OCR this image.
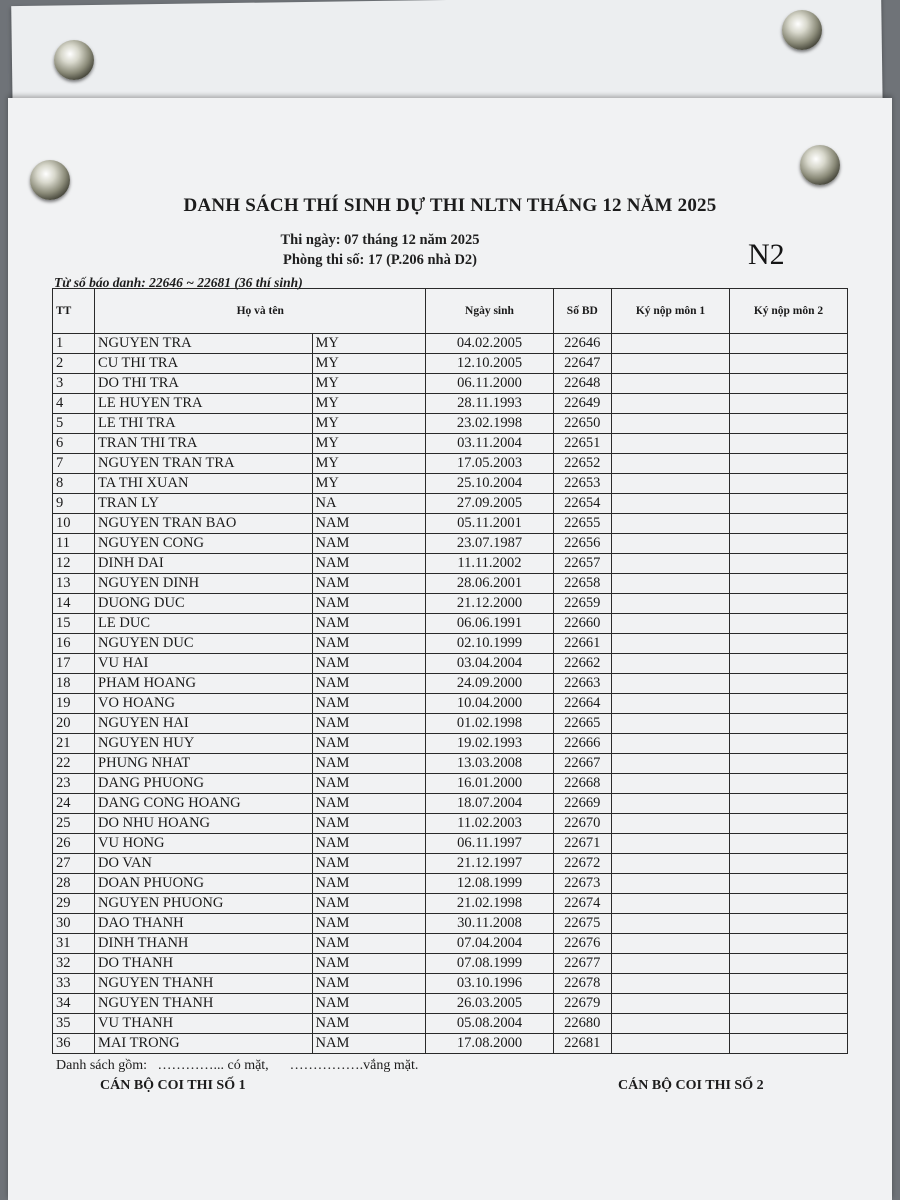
DANH SÁCH THÍ SINH DỰ THI NLTN THÁNG 12 NĂM 2025
Thi ngày: 07 tháng 12 năm 2025
Phòng thi số: 17 (P.206 nhà D2)	N2
Từ số báo danh: 22646 ~ 22681 (36 thí sinh)
TT	Họ và tên		Ngày sinh	Số BD	Ký nộp môn 1	Ký nộp môn 2
1	NGUYEN TRA	MY	04.02.2005	22646		
2	CU THI TRA	MY	12.10.2005	22647		
3	DO THI TRA	MY	06.11.2000	22648		
4	LE HUYEN TRA	MY	28.11.1993	22649		
5	LE THI TRA	MY	23.02.1998	22650		
6	TRAN THI TRA	MY	03.11.2004	22651		
7	NGUYEN TRAN TRA	MY	17.05.2003	22652		
8	TA THI XUAN	MY	25.10.2004	22653		
9	TRAN LY	NA	27.09.2005	22654		
10	NGUYEN TRAN BAO	NAM	05.11.2001	22655		
11	NGUYEN CONG	NAM	23.07.1987	22656		
12	DINH DAI	NAM	11.11.2002	22657		
13	NGUYEN DINH	NAM	28.06.2001	22658		
14	DUONG DUC	NAM	21.12.2000	22659		
15	LE DUC	NAM	06.06.1991	22660		
16	NGUYEN DUC	NAM	02.10.1999	22661		
17	VU HAI	NAM	03.04.2004	22662		
18	PHAM HOANG	NAM	24.09.2000	22663		
19	VO HOANG	NAM	10.04.2000	22664		
20	NGUYEN HAI	NAM	01.02.1998	22665		
21	NGUYEN HUY	NAM	19.02.1993	22666		
22	PHUNG NHAT	NAM	13.03.2008	22667		
23	DANG PHUONG	NAM	16.01.2000	22668		
24	DANG CONG HOANG	NAM	18.07.2004	22669		
25	DO NHU HOANG	NAM	11.02.2003	22670		
26	VU HONG	NAM	06.11.1997	22671		
27	DO VAN	NAM	21.12.1997	22672		
28	DOAN PHUONG	NAM	12.08.1999	22673		
29	NGUYEN PHUONG	NAM	21.02.1998	22674		
30	DAO THANH	NAM	30.11.2008	22675		
31	DINH THANH	NAM	07.04.2004	22676		
32	DO THANH	NAM	07.08.1999	22677		
33	NGUYEN THANH	NAM	03.10.1996	22678		
34	NGUYEN THANH	NAM	26.03.2005	22679		
35	VU THANH	NAM	05.08.2004	22680		
36	MAI TRONG	NAM	17.08.2000	22681		
Danh sách gồm:   …………... có mặt,      …………….vắng mặt.
CÁN BỘ COI THI SỐ 1	CÁN BỘ COI THI SỐ 2
